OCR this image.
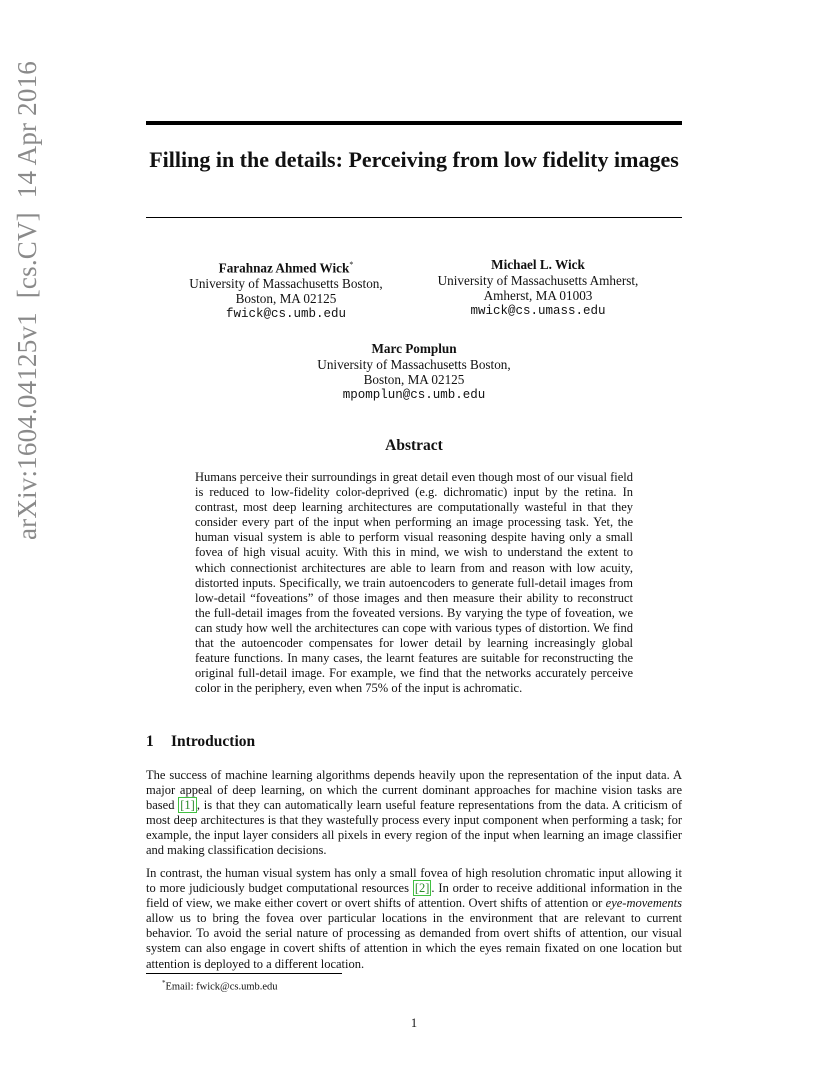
arXiv:1604.04125v1  [cs.CV]  14 Apr 2016	Filling in the details: Perceiving from low fidelity images
Farahnaz Ahmed Wick*
University of Massachusetts Boston,
Boston, MA 02125
fwick@cs.umb.edu
Michael L. Wick
University of Massachusetts Amherst,
Amherst, MA 01003
mwick@cs.umass.edu
Marc Pomplun
University of Massachusetts Boston,
Boston, MA 02125
mpomplun@cs.umb.edu
Abstract
Humans perceive their surroundings in great detail even though most of our visual field is reduced to low-fidelity color-deprived (e.g. dichromatic) input by the retina. In contrast, most deep learning architectures are computationally wasteful in that they consider every part of the input when performing an image processing task. Yet, the human visual system is able to perform visual reasoning despite having only a small fovea of high visual acuity. With this in mind, we wish to understand the extent to which connectionist architectures are able to learn from and reason with low acuity, distorted inputs. Specifically, we train autoencoders to generate full-detail images from low-detail “foveations” of those images and then measure their ability to reconstruct the full-detail images from the foveated versions. By varying the type of foveation, we can study how well the architectures can cope with various types of distortion. We find that the autoencoder compensates for lower detail by learning increasingly global feature functions. In many cases, the learnt features are suitable for reconstructing the original full-detail image. For example, we find that the networks accurately perceive color in the periphery, even when 75% of the input is achromatic.
1 Introduction
The success of machine learning algorithms depends heavily upon the representation of the input data. A major appeal of deep learning, on which the current dominant approaches for machine vision tasks are based [1] , is that they can automatically learn useful feature representations from the data. A criticism of most deep architectures is that they wastefully process every input component when performing a task; for example, the input layer considers all pixels in every region of the input when learning an image classifier and making classification decisions.
In contrast, the human visual system has only a small fovea of high resolution chromatic input allowing it to more judiciously budget computational resources [2] . In order to receive additional information in the field of view, we make either covert or overt shifts of attention. Overt shifts of attention or eye-movements allow us to bring the fovea over particular locations in the environment that are relevant to current behavior. To avoid the serial nature of processing as demanded from overt shifts of attention, our visual system can also engage in covert shifts of attention in which the eyes remain fixated on one location but attention is deployed to a different location.
*Email: fwick@cs.umb.edu
1
